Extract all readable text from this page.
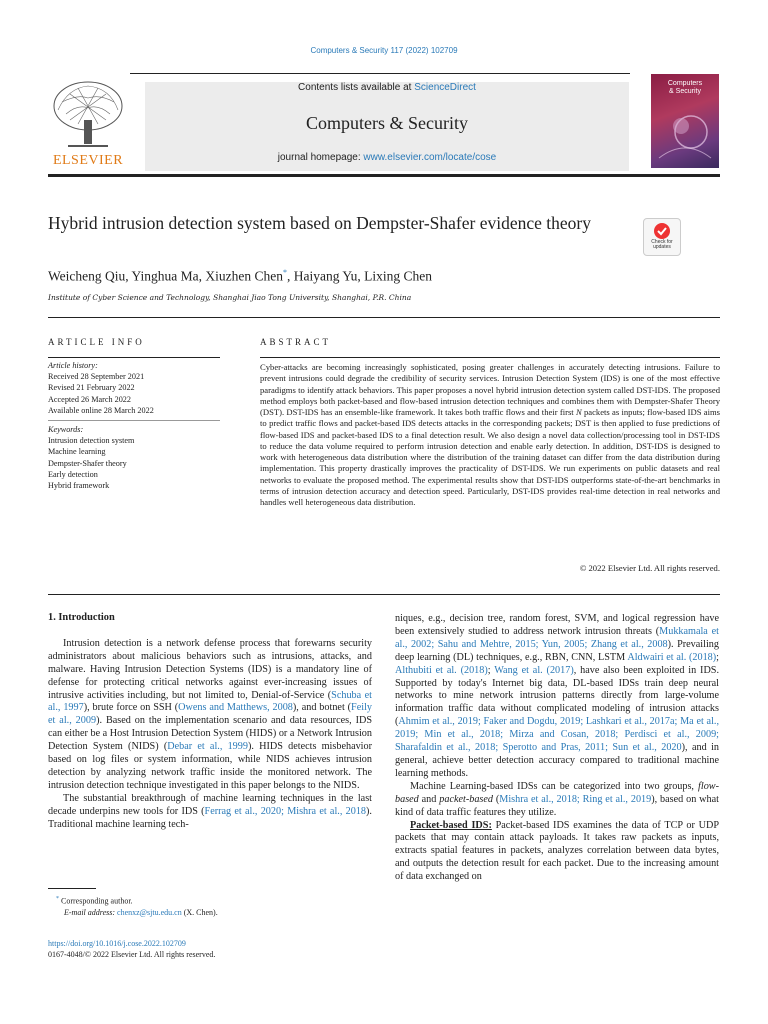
Computers & Security 117 (2022) 102709
ELSEVIER
Contents lists available at ScienceDirect
Computers & Security
journal homepage: www.elsevier.com/locate/cose
Computers
& Security
Hybrid intrusion detection system based on Dempster-Shafer evidence theory
Check for updates
Weicheng Qiu, Yinghua Ma, Xiuzhen Chen*, Haiyang Yu, Lixing Chen
Institute of Cyber Science and Technology, Shanghai Jiao Tong University, Shanghai, P.R. China
ARTICLE INFO
Article history:
Received 28 September 2021
Revised 21 February 2022
Accepted 26 March 2022
Available online 28 March 2022
Keywords:
Intrusion detection system
Machine learning
Dempster-Shafer theory
Early detection
Hybrid framework
ABSTRACT
Cyber-attacks are becoming increasingly sophisticated, posing greater challenges in accurately detecting intrusions. Failure to prevent intrusions could degrade the credibility of security services. Intrusion Detection System (IDS) is one of the most effective paradigms to identify attack behaviors. This paper proposes a novel hybrid intrusion detection system called DST-IDS. The proposed method employs both packet-based and flow-based intrusion detection techniques and combines them with Dempster-Shafer Theory (DST). DST-IDS has an ensemble-like framework. It takes both traffic flows and their first N packets as inputs; flow-based IDS aims to predict traffic flows and packet-based IDS detects attacks in the corresponding packets; DST is then applied to fuse predictions of flow-based IDS and packet-based IDS to a final detection result. We also design a novel data collection/processing tool in DST-IDS to reduce the data volume required to perform intrusion detection and enable early detection. In addition, DST-IDS is designed to work with heterogeneous data distribution where the distribution of the training dataset can differ from the data distribution during implementation. This property drastically improves the practicality of DST-IDS. We run experiments on public datasets and real networks to evaluate the proposed method. The experimental results show that DST-IDS outperforms state-of-the-art benchmarks in terms of intrusion detection accuracy and detection speed. Particularly, DST-IDS provides real-time detection in real networks and handles well heterogeneous data distribution.
© 2022 Elsevier Ltd. All rights reserved.

1. Introduction

Intrusion detection is a network defense process that forewarns security administrators about malicious behaviors such as intrusions, attacks, and malware. Having Intrusion Detection Systems (IDS) is a mandatory line of defense for protecting critical networks against ever-increasing issues of intrusive activities including, but not limited to, Denial-of-Service (Schuba et al., 1997), brute force on SSH (Owens and Matthews, 2008), and botnet (Feily et al., 2009). Based on the implementation scenario and data resources, IDS can either be a Host Intrusion Detection System (HIDS) or a Network Intrusion Detection System (NIDS) (Debar et al., 1999). HIDS detects misbehavior based on log files or system information, while NIDS achieves intrusion detection by analyzing network traffic inside the monitored network. The intrusion detection technique investigated in this paper belongs to the NIDS.

The substantial breakthrough of machine learning techniques in the last decade underpins new tools for IDS (Ferrag et al., 2020; Mishra et al., 2018). Traditional machine learning tech-

* Corresponding author.
E-mail address: chenxz@sjtu.edu.cn (X. Chen).
https://doi.org/10.1016/j.cose.2022.102709
0167-4048/© 2022 Elsevier Ltd. All rights reserved.

niques, e.g., decision tree, random forest, SVM, and logical regression have been extensively studied to address network intrusion threats (Mukkamala et al., 2002; Sahu and Mehtre, 2015; Yun, 2005; Zhang et al., 2008). Prevailing deep learning (DL) techniques, e.g., RBN, CNN, LSTM Aldwairi et al. (2018); Althubiti et al. (2018); Wang et al. (2017), have also been exploited in IDS. Supported by today's Internet big data, DL-based IDSs train deep neural networks to mine network intrusion patterns directly from large-volume information traffic data without complicated modeling of intrusion attacks (Ahmim et al., 2019; Faker and Dogdu, 2019; Lashkari et al., 2017a; Ma et al., 2019; Min et al., 2018; Mirza and Cosan, 2018; Perdisci et al., 2009; Sharafaldin et al., 2018; Sperotto and Pras, 2011; Sun et al., 2020), and in general, achieve better detection accuracy compared to traditional machine learning methods.

Machine Learning-based IDSs can be categorized into two groups, flow-based and packet-based (Mishra et al., 2018; Ring et al., 2019), based on what kind of data traffic features they utilize.

Packet-based IDS: Packet-based IDS examines the data of TCP or UDP packets that may contain attack payloads. It takes raw packets as inputs, extracts spatial features in packets, analyzes correlation between data bytes, and outputs the detection result for each packet. Due to the increasing amount of data exchanged on
